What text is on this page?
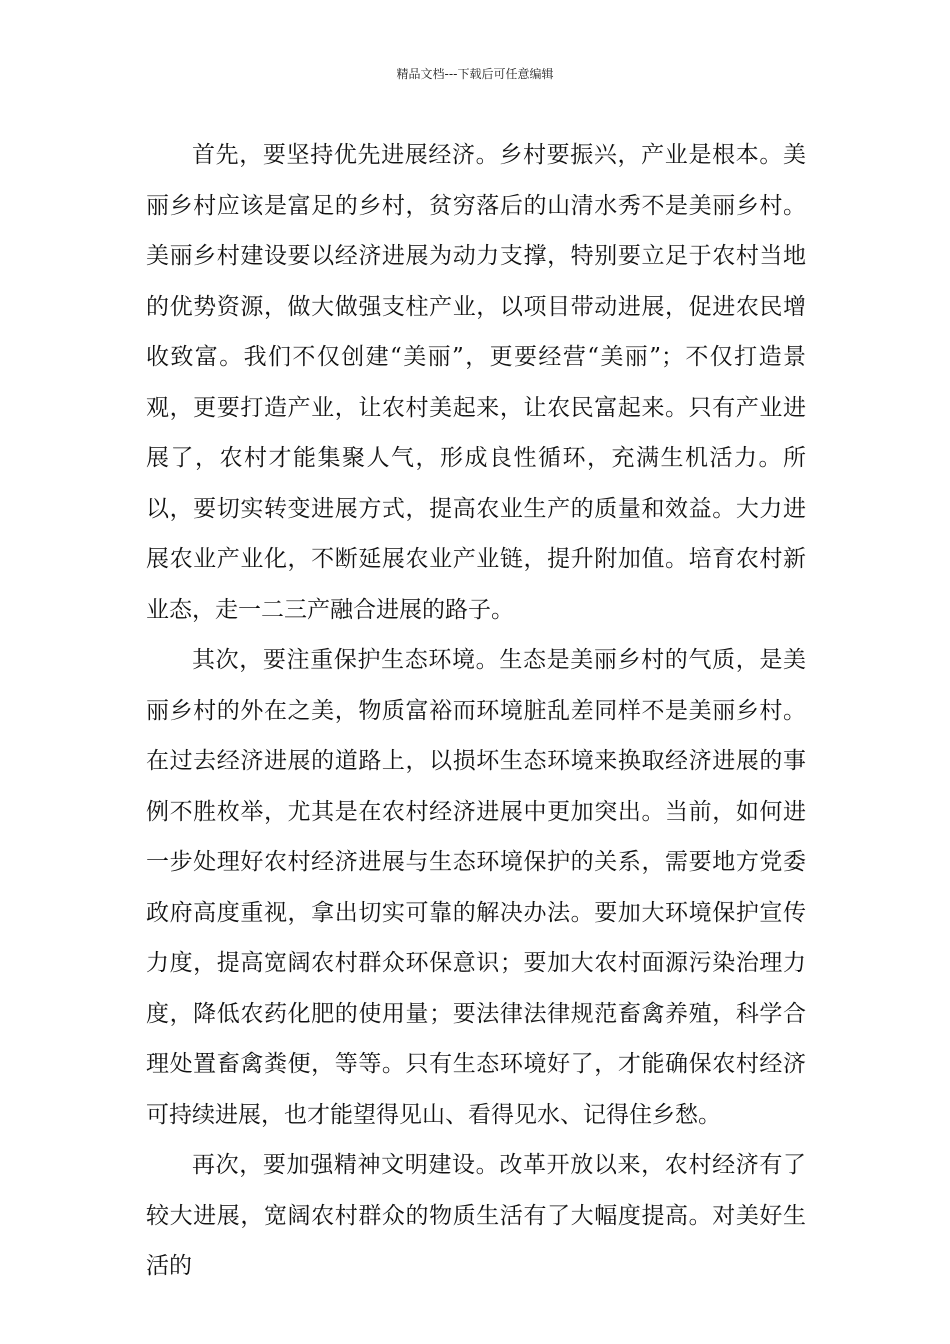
精品文档---下载后可任意编辑

首先，要坚持优先进展经济。乡村要振兴，产业是根本。美丽乡村应该是富足的乡村，贫穷落后的山清水秀不是美丽乡村。美丽乡村建设要以经济进展为动力支撑，特别要立足于农村当地的优势资源，做大做强支柱产业，以项目带动进展，促进农民增收致富。我们不仅创建“美丽”，更要经营“美丽”；不仅打造景观，更要打造产业，让农村美起来，让农民富起来。只有产业进展了，农村才能集聚人气，形成良性循环，充满生机活力。所以，要切实转变进展方式，提高农业生产的质量和效益。大力进展农业产业化，不断延展农业产业链，提升附加值。培育农村新业态，走一二三产融合进展的路子。

其次，要注重保护生态环境。生态是美丽乡村的气质，是美丽乡村的外在之美，物质富裕而环境脏乱差同样不是美丽乡村。在过去经济进展的道路上，以损坏生态环境来换取经济进展的事例不胜枚举，尤其是在农村经济进展中更加突出。当前，如何进一步处理好农村经济进展与生态环境保护的关系，需要地方党委政府高度重视，拿出切实可靠的解决办法。要加大环境保护宣传力度，提高宽阔农村群众环保意识；要加大农村面源污染治理力度，降低农药化肥的使用量；要法律法律规范畜禽养殖，科学合理处置畜禽粪便，等等。只有生态环境好了，才能确保农村经济可持续进展，也才能望得见山、看得见水、记得住乡愁。

再次，要加强精神文明建设。改革开放以来，农村经济有了较大进展，宽阔农村群众的物质生活有了大幅度提高。对美好生活的
